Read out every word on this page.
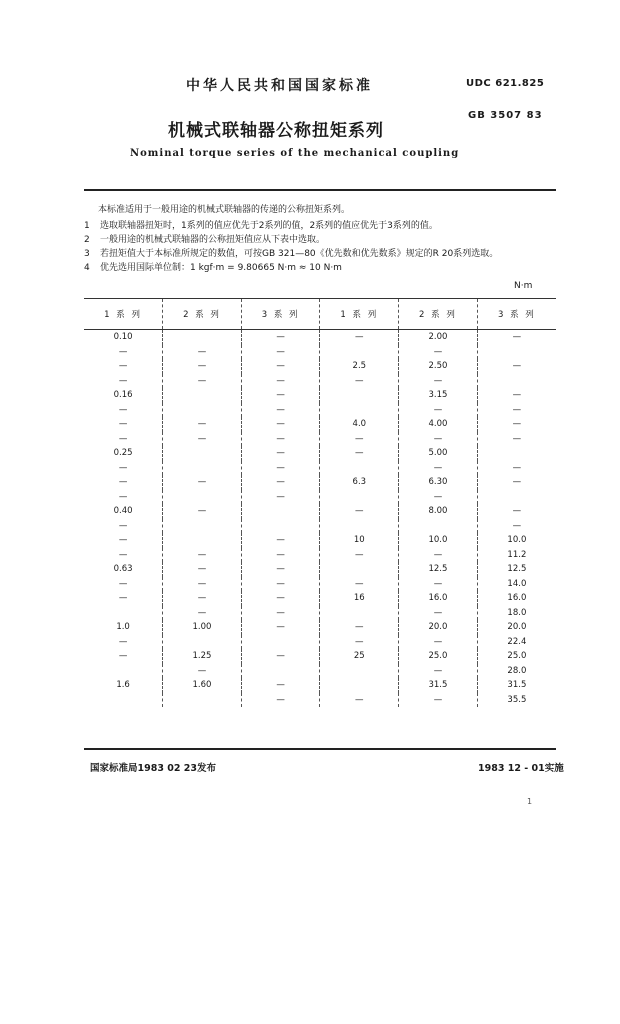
中华人民共和国国家标准	UDC 621.825
机械式联轴器公称扭矩系列
GB 3507 83
Nominal torque series of the mechanical coupling
本标准适用于一般用途的机械式联轴器的传递的公称扭矩系列。
1	选取联轴器扭矩时，1系列的值应优先于2系列的值，2系列的值应优先于3系列的值。
2	一般用途的机械式联轴器的公称扭矩值应从下表中选取。
3	若扭矩值大于本标准所规定的数值，可按GB 321—80《优先数和优先数系》规定的R 20系列选取。
4	优先选用国际单位制：1 kgf·m = 9.80665 N·m ≈ 10 N·m
N·m
1 系 列	2 系 列	3 系 列	1 系 列	2 系 列	3 系 列
0.10		—	—	2.00	—
—	—	—		—	
—	—	—	2.5	2.50	—
—	—	—	—	—	
0.16		—		3.15	—
—		—		—	—
—	—	—	4.0	4.00	—
—	—	—	—	—	—
0.25		—	—	5.00	
—		—		—	—
—	—	—	6.3	6.30	—
—		—		—	
0.40	—		—	8.00	—
—					—
—		—	10	10.0	10.0
—	—	—	—	—	11.2
0.63	—	—		12.5	12.5
—	—	—	—	—	14.0
—	—	—	16	16.0	16.0
	—	—		—	18.0
1.0	1.00	—	—	20.0	20.0
—			—	—	22.4
—	1.25	—	25	25.0	25.0
	—			—	28.0
1.6	1.60	—		31.5	31.5
		—	—	—	35.5
国家标准局1983 02 23发布	1983 12 - 01实施
1
